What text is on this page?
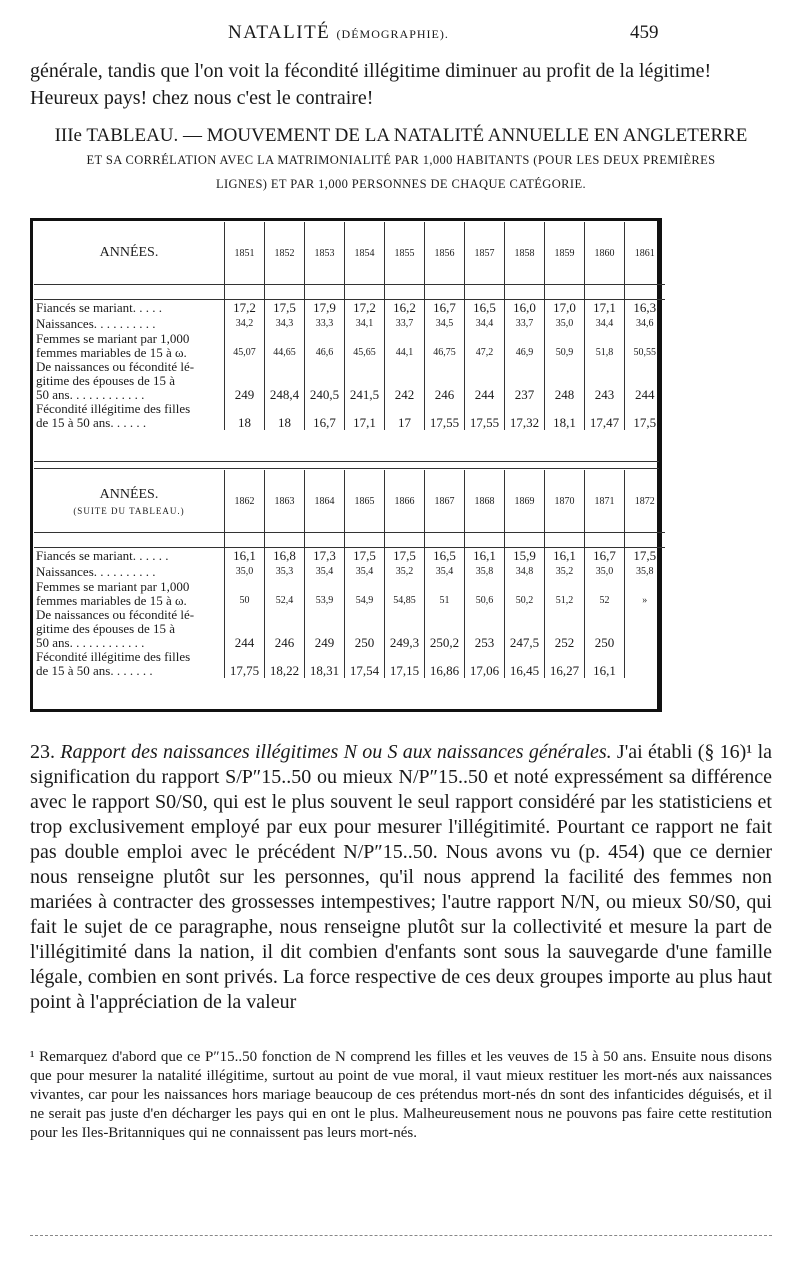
NATALITÉ (DÉMOGRAPHIE).	459
générale, tandis que l'on voit la fécondité illégitime diminuer au profit de la légitime! Heureux pays! chez nous c'est le contraire!
IIIe TABLEAU. — MOUVEMENT DE LA NATALITÉ ANNUELLE EN ANGLETERRE
ET SA CORRÉLATION AVEC LA MATRIMONIALITÉ PAR 1,000 HABITANTS (POUR LES DEUX PREMIÈRES
LIGNES) ET PAR 1,000 PERSONNES DE CHAQUE CATÉGORIE.
ANNÉES.	1851	1852	1853	1854	1855	1856	1857	1858	1859	1860	1861

Fiancés se mariant. . . . .	17,2	17,5	17,9	17,2	16,2	16,7	16,5	16,0	17,0	17,1	16,3
Naissances. . . . . . . . . .	34,2	34,3	33,3	34,1	33,7	34,5	34,4	33,7	35,0	34,4	34,6
Femmes se mariant par 1,000											
femmes mariables de 15 à ω.	45,07	44,65	46,6	45,65	44,1	46,75	47,2	46,9	50,9	51,8	50,55
De naissances ou fécondité lé-											
gitime des épouses de 15 à											
50 ans. . . . . . . . . . . .	249	248,4	240,5	241,5	242	246	244	237	248	243	244
Fécondité illégitime des filles											
de 15 à 50 ans. . . . . .	18	18	16,7	17,1	17	17,55	17,55	17,32	18,1	17,47	17,5
ANNÉES.
(SUITE DU TABLEAU.)	1862	1863	1864	1865	1866	1867	1868	1869	1870	1871	1872

Fiancés se mariant. . . . . .	16,1	16,8	17,3	17,5	17,5	16,5	16,1	15,9	16,1	16,7	17,5
Naissances. . . . . . . . . .	35,0	35,3	35,4	35,4	35,2	35,4	35,8	34,8	35,2	35,0	35,8
Femmes se mariant par 1,000											
femmes mariables de 15 à ω.	50	52,4	53,9	54,9	54,85	51	50,6	50,2	51,2	52	»
De naissances ou fécondité lé-											
gitime des épouses de 15 à											
50 ans. . . . . . . . . . . .	244	246	249	250	249,3	250,2	253	247,5	252	250	
Fécondité illégitime des filles											
de 15 à 50 ans. . . . . . .	17,75	18,22	18,31	17,54	17,15	16,86	17,06	16,45	16,27	16,1	
23. Rapport des naissances illégitimes N ou S aux naissances générales. J'ai établi (§ 16)¹ la signification du rapport S/P″15..50 ou mieux N/P″15..50 et noté expressément sa différence avec le rapport S0/S0, qui est le plus souvent le seul rapport considéré par les statisticiens et trop exclusivement employé par eux pour mesurer l'illégitimité. Pourtant ce rapport ne fait pas double emploi avec le précédent N/P″15..50. Nous avons vu (p. 454) que ce dernier nous renseigne plutôt sur les personnes, qu'il nous apprend la facilité des femmes non mariées à contracter des grossesses intempestives; l'autre rapport N/N, ou mieux S0/S0, qui fait le sujet de ce paragraphe, nous renseigne plutôt sur la collectivité et mesure la part de l'illégitimité dans la nation, il dit combien d'enfants sont sous la sauvegarde d'une famille légale, combien en sont privés. La force respective de ces deux groupes importe au plus haut point à l'appréciation de la valeur
¹ Remarquez d'abord que ce P″15..50 fonction de N comprend les filles et les veuves de 15 à 50 ans. Ensuite nous disons que pour mesurer la natalité illégitime, surtout au point de vue moral, il vaut mieux restituer les mort-nés aux naissances vivantes, car pour les naissances hors mariage beaucoup de ces prétendus mort-nés dn sont des infanticides déguisés, et il ne serait pas juste d'en décharger les pays qui en ont le plus. Malheureusement nous ne pouvons pas faire cette restitution pour les Iles-Britanniques qui ne connaissent pas leurs mort-nés.
